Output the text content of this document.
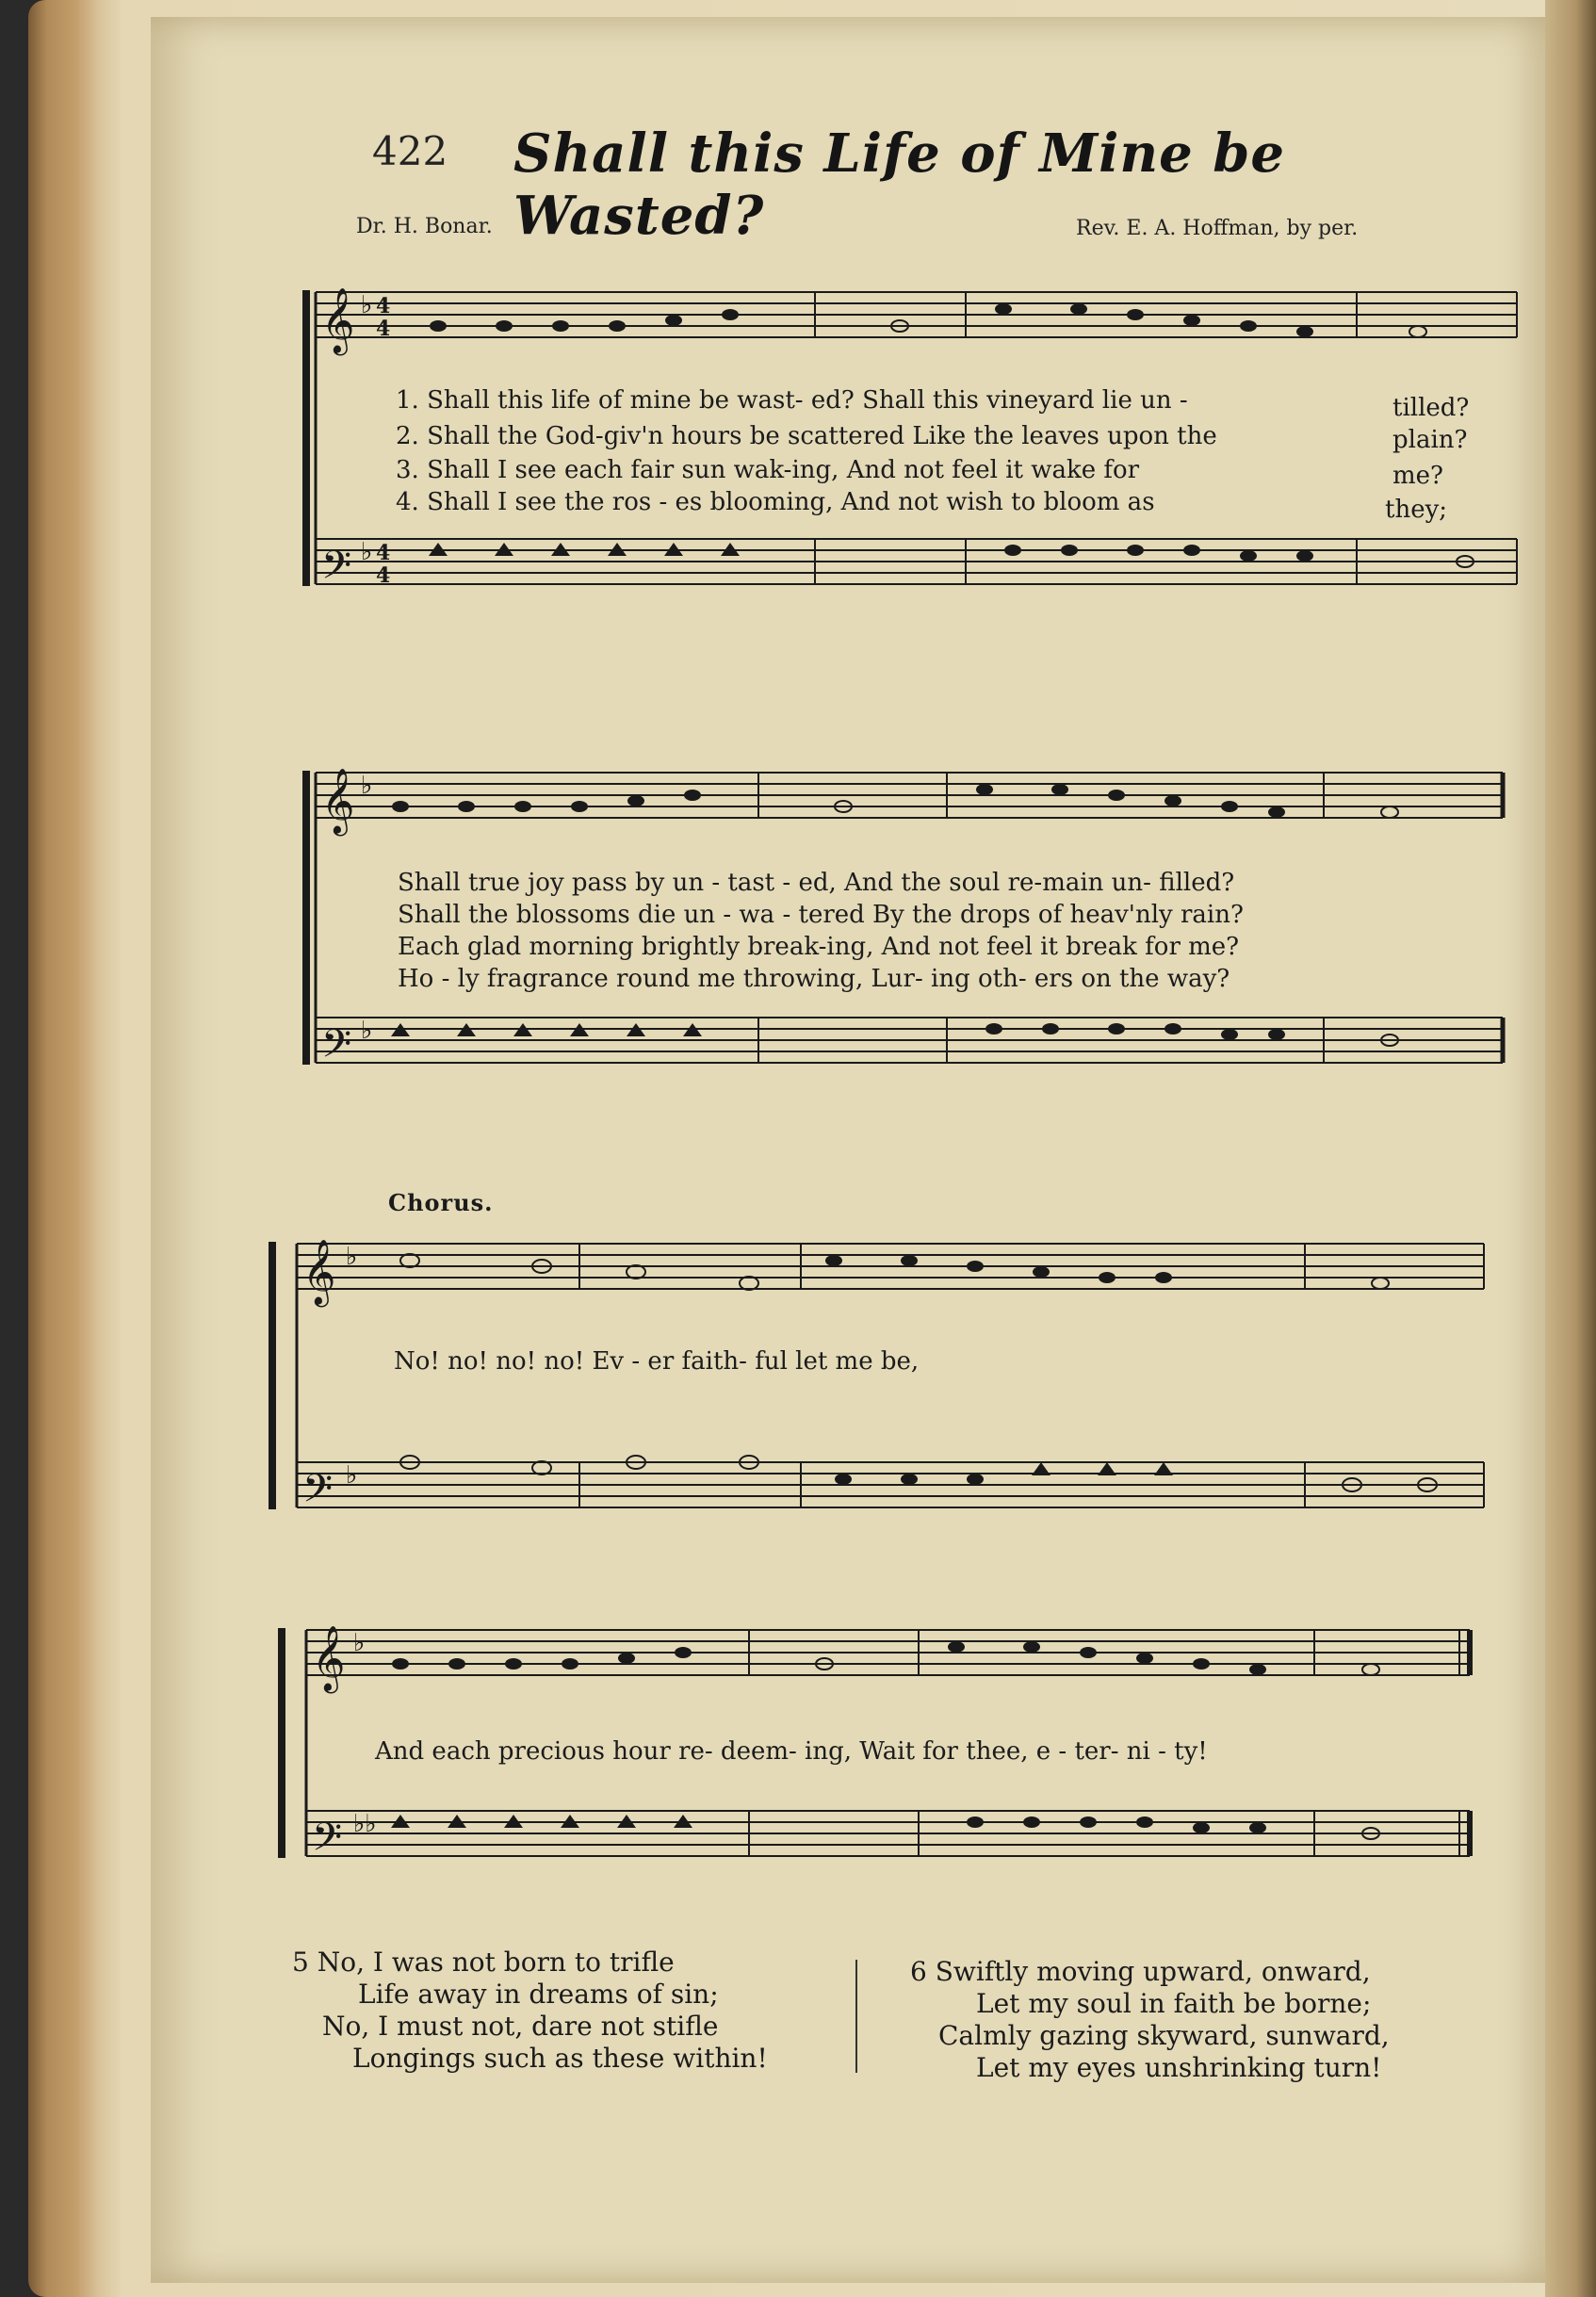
422 Shall this Life of Mine be Wasted?
Dr. H. Bonar.	Rev. E. A. Hoffman, by per.
𝄞
𝄢
♭
♭
4
4
4
4
1. Shall this life of mine be wast- ed? Shall this vineyard lie un -	tilled?
2. Shall the God-giv'n hours be scattered Like the leaves upon the	plain?
3. Shall I see each fair sun wak-ing, And not feel it wake for	me?
4. Shall I see the ros - es blooming, And not wish to bloom as	they;
𝄞
𝄢
♭
♭
Shall true joy pass by un - tast - ed, And the soul re-main un- filled?
Shall the blossoms die un - wa - tered By the drops of heav'nly rain?
Each glad morning brightly break-ing, And not feel it break for me?
Ho - ly fragrance round me throwing, Lur- ing oth- ers on the way?
Chorus.
𝄞
𝄢
♭
♭
No! no! no! no! Ev - er faith- ful let me be,
𝄞
𝄢
♭
♭♭
And each precious hour re- deem- ing, Wait for thee, e - ter- ni - ty!
5 No, I was not born to trifle
Life away in dreams of sin;
No, I must not, dare not stifle
Longings such as these within!
6 Swiftly moving upward, onward,
Let my soul in faith be borne;
Calmly gazing skyward, sunward,
Let my eyes unshrinking turn!
